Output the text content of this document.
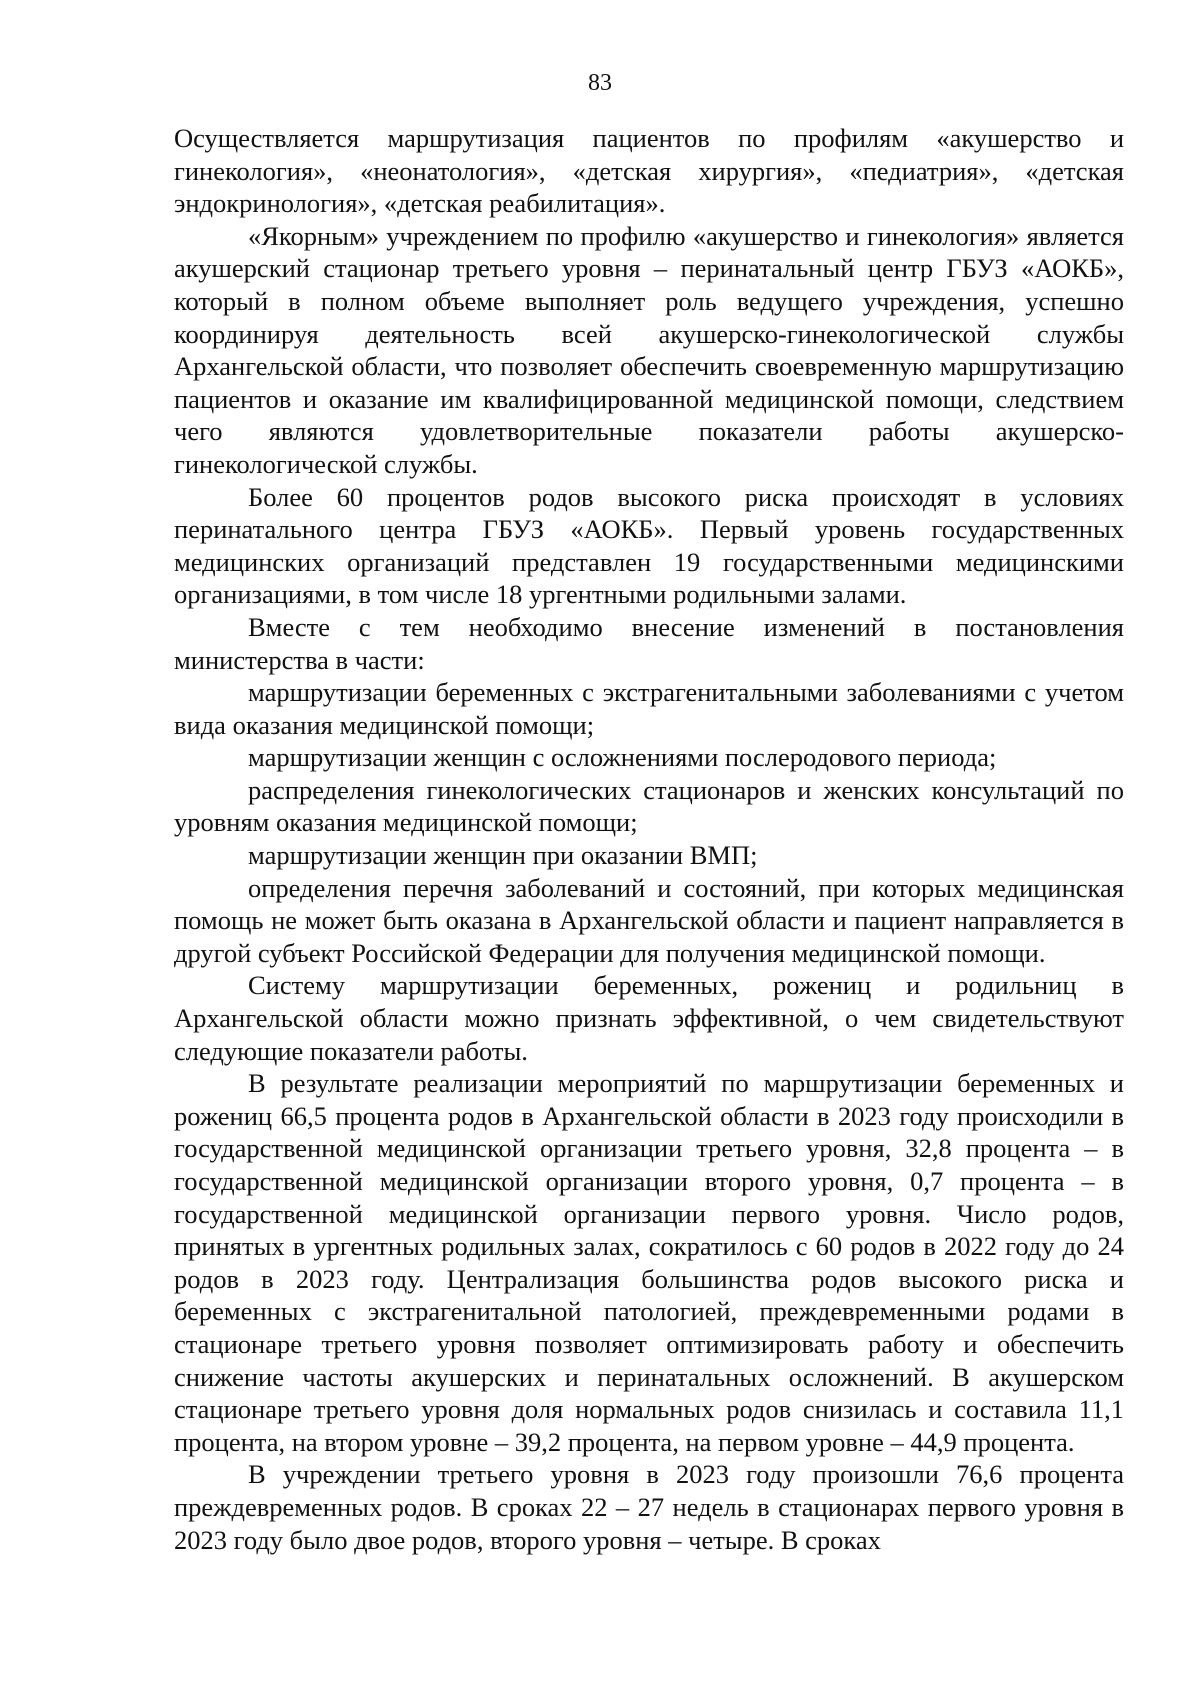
83

Осуществляется маршрутизация пациентов по профилям «акушерство и гинекология», «неонатология», «детская хирургия», «педиатрия», «детская эндокринология», «детская реабилитация».

«Якорным» учреждением по профилю «акушерство и гинекология» является акушерский стационар третьего уровня – перинатальный центр ГБУЗ «АОКБ», который в полном объеме выполняет роль ведущего учреждения, успешно координируя деятельность всей акушерско-гинекологической службы Архангельской области, что позволяет обеспечить своевременную маршрутизацию пациентов и оказание им квалифицированной медицинской помощи, следствием чего являются удовлетворительные показатели работы акушерско-гинекологической службы.

Более 60 процентов родов высокого риска происходят в условиях перинатального центра ГБУЗ «АОКБ». Первый уровень государственных медицинских организаций представлен 19 государственными медицинскими организациями, в том числе 18 ургентными родильными залами.

Вместе с тем необходимо внесение изменений в постановления министерства в части:

маршрутизации беременных с экстрагенитальными заболеваниями с учетом вида оказания медицинской помощи;

маршрутизации женщин с осложнениями послеродового периода;

распределения гинекологических стационаров и женских консультаций по уровням оказания медицинской помощи;

маршрутизации женщин при оказании ВМП;

определения перечня заболеваний и состояний, при которых медицинская помощь не может быть оказана в Архангельской области и пациент направляется в другой субъект Российской Федерации для получения медицинской помощи.

Систему маршрутизации беременных, рожениц и родильниц в Архангельской области можно признать эффективной, о чем свидетельствуют следующие показатели работы.

В результате реализации мероприятий по маршрутизации беременных и рожениц 66,5 процента родов в Архангельской области в 2023 году происходили в государственной медицинской организации третьего уровня, 32,8 процента – в государственной медицинской организации второго уровня, 0,7 процента – в государственной медицинской организации первого уровня. Число родов, принятых в ургентных родильных залах, сократилось с 60 родов в 2022 году до 24 родов в 2023 году. Централизация большинства родов высокого риска и беременных с экстрагенитальной патологией, преждевременными родами в стационаре третьего уровня позволяет оптимизировать работу и обеспечить снижение частоты акушерских и перинатальных осложнений. В акушерском стационаре третьего уровня доля нормальных родов снизилась и составила 11,1 процента, на втором уровне – 39,2 процента, на первом уровне – 44,9 процента.

В учреждении третьего уровня в 2023 году произошли 76,6 процента преждевременных родов. В сроках 22 – 27 недель в стационарах первого уровня в 2023 году было двое родов, второго уровня – четыре. В сроках
